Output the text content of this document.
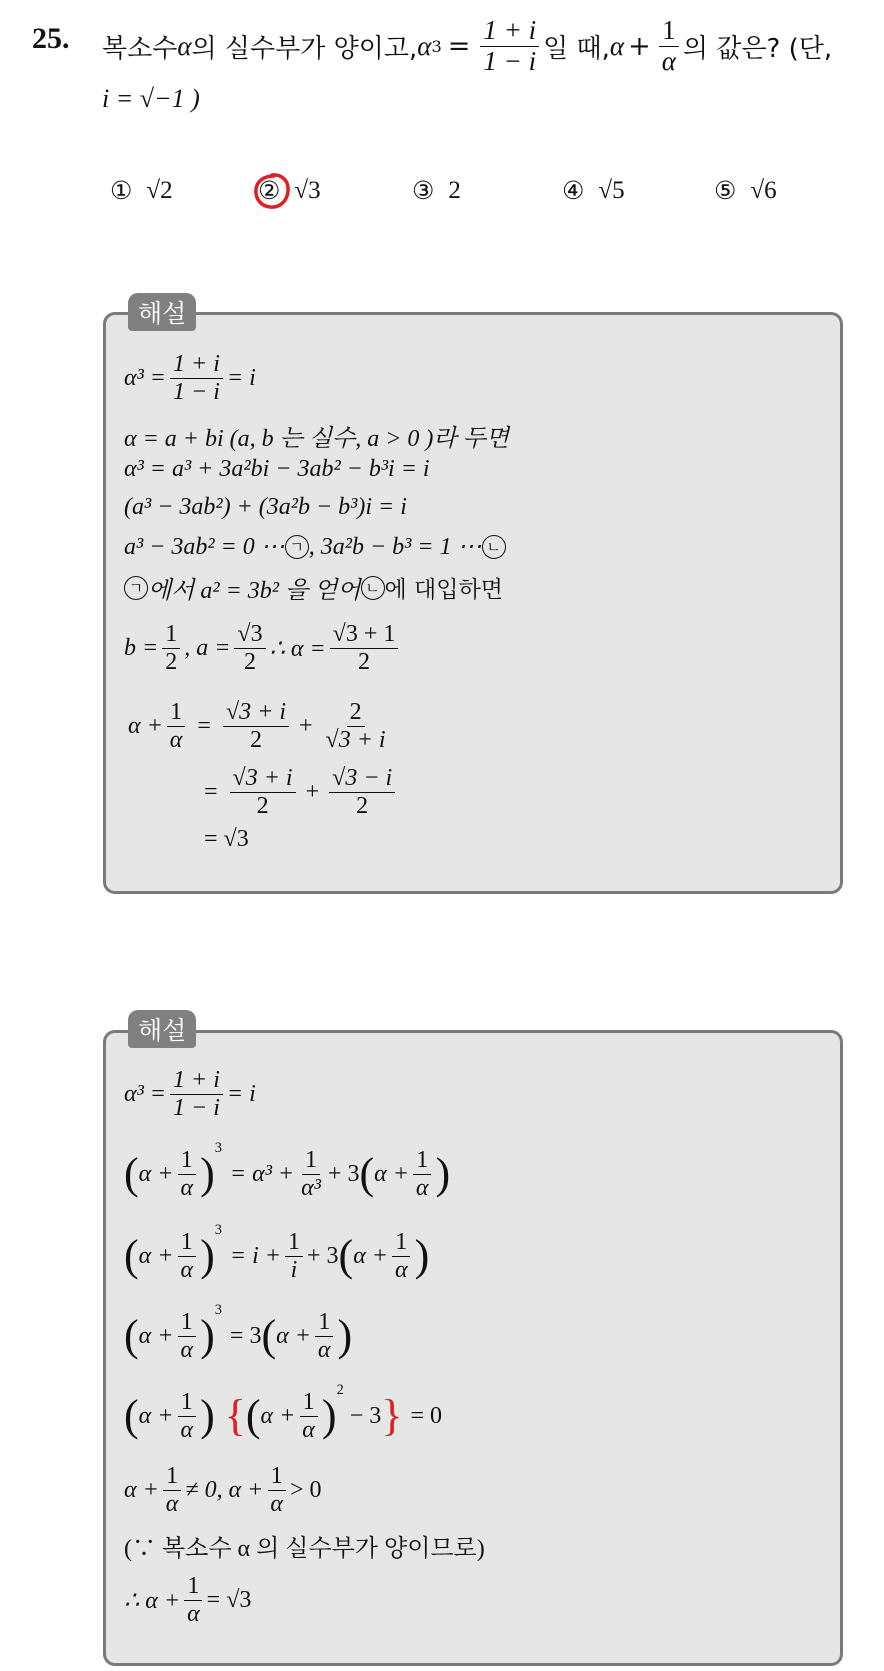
25. 복소수 α 의 실수부가 양이고, α $3 = \frac{1 + i}{1 - i}$ 일 때, $\alpha + \frac{1}{\alpha}$ 의 값은? (단,
i = √−1 )
① √2	② √3	③ 2	④ √5	⑤ √6
해설
$\alpha^3 = \frac{1 + i}{1 - i} = i$
α = a + bi (a, b 는 실수, a > 0 )라 두면
α³ = a³ + 3a²bi − 3ab² − b³i = i
(a³ − 3ab²) + (3a²b − b³)i = i
a³ − 3ab² = 0 ⋯ ㄱ , 3a²b − b³ = 1 ⋯ ㄴ
ㄱ 에서 a² = 3b² 을 얻어 ㄴ 에 대입하면
$b = \frac{1}{2}$ , $a = \frac{√3}{2}$ ∴ $\alpha = \frac{√3 + 1}{2}$
$\alpha + \frac{1}{\alpha} = \frac{√3 + i}{2} + \frac{2}{√3 + i}$
= $\frac{√3 + i}{2} + \frac{√3 - i}{2}$
= √3
해설
$\alpha^3 = \frac{1 + i}{1 - i} = i$
( $\alpha + \frac{1}{\alpha}$ )
$^3$
= $\alpha^3 + \frac{1}{\text{α³}} + 3$ ( $\alpha + \frac{1}{\alpha}$ )
( $\alpha + \frac{1}{\alpha}$ )
$^3$
= $i + \frac{1}{i} + 3$ ( $\alpha + \frac{1}{\alpha}$ )
( $\alpha + \frac{1}{\alpha}$ )
$^3$
= 3 ( $\alpha + \frac{1}{\alpha}$ )
( $\alpha + \frac{1}{\alpha}$ ) { ( $\alpha + \frac{1}{\alpha}$ )
$^2$
− 3 } = 0
$\alpha + \frac{1}{\alpha} \ne 0$, $\alpha + \frac{1}{\alpha} > 0$
(∵ 복소수 α 의 실수부가 양이므로)
∴ $\alpha + \frac{1}{\alpha} = √3$
